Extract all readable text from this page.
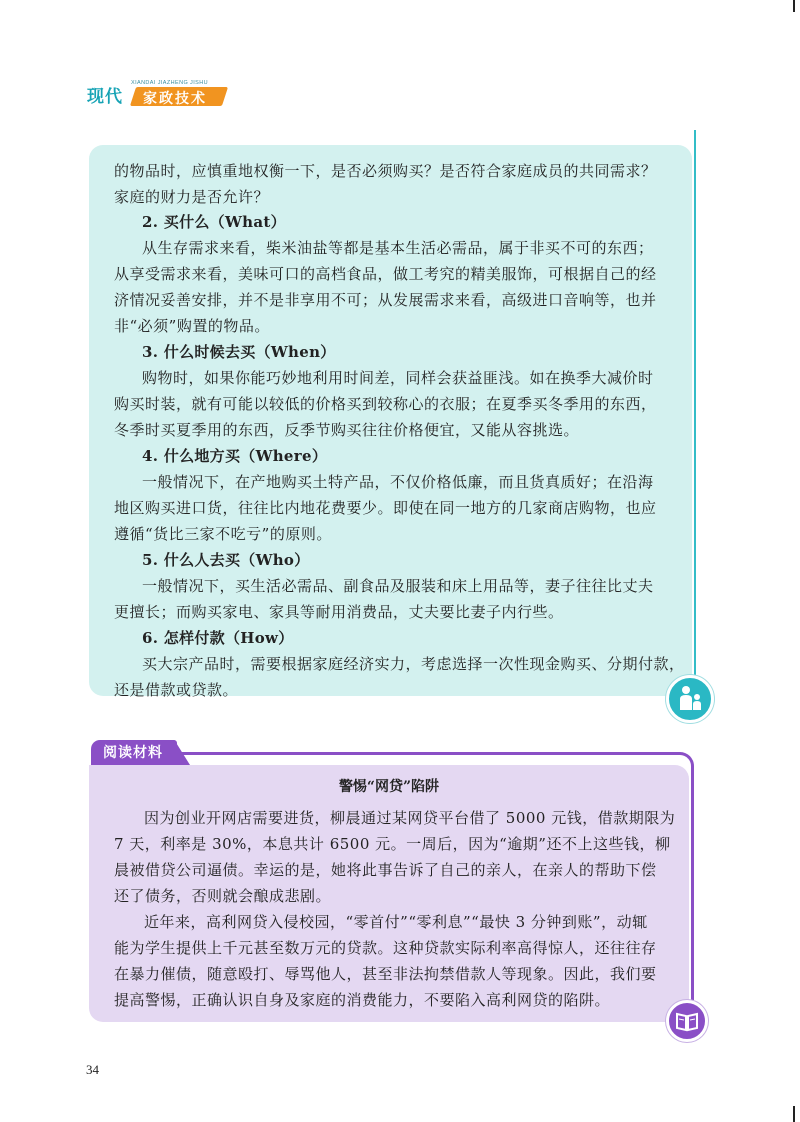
现代
XIANDAI JIAZHENG JISHU
家政技术
的物品时，应慎重地权衡一下，是否必须购买？是否符合家庭成员的共同需求？
家庭的财力是否允许？
2. 买什么（What）
从生存需求来看，柴米油盐等都是基本生活必需品，属于非买不可的东西；
从享受需求来看，美味可口的高档食品，做工考究的精美服饰，可根据自己的经
济情况妥善安排，并不是非享用不可；从发展需求来看，高级进口音响等，也并
非“必须”购置的物品。
3. 什么时候去买（When）
购物时，如果你能巧妙地利用时间差，同样会获益匪浅。如在换季大减价时
购买时装，就有可能以较低的价格买到较称心的衣服；在夏季买冬季用的东西，
冬季时买夏季用的东西，反季节购买往往价格便宜，又能从容挑选。
4. 什么地方买（Where）
一般情况下，在产地购买土特产品，不仅价格低廉，而且货真质好；在沿海
地区购买进口货，往往比内地花费要少。即使在同一地方的几家商店购物，也应
遵循“货比三家不吃亏”的原则。
5. 什么人去买（Who）
一般情况下，买生活必需品、副食品及服装和床上用品等，妻子往往比丈夫
更擅长；而购买家电、家具等耐用消费品，丈夫要比妻子内行些。
6. 怎样付款（How）
买大宗产品时，需要根据家庭经济实力，考虑选择一次性现金购买、分期付款，
还是借款或贷款。
阅读材料
警惕“网贷”陷阱
因为创业开网店需要进货，柳晨通过某网贷平台借了 5000 元钱，借款期限为
7 天，利率是 30%，本息共计 6500 元。一周后，因为“逾期”还不上这些钱，柳
晨被借贷公司逼债。幸运的是，她将此事告诉了自己的亲人，在亲人的帮助下偿
还了债务，否则就会酿成悲剧。
近年来，高利网贷入侵校园，“零首付”“零利息”“最快 3 分钟到账”，动辄
能为学生提供上千元甚至数万元的贷款。这种贷款实际利率高得惊人，还往往存
在暴力催债，随意殴打、辱骂他人，甚至非法拘禁借款人等现象。因此，我们要
提高警惕，正确认识自身及家庭的消费能力，不要陷入高利网贷的陷阱。
34
